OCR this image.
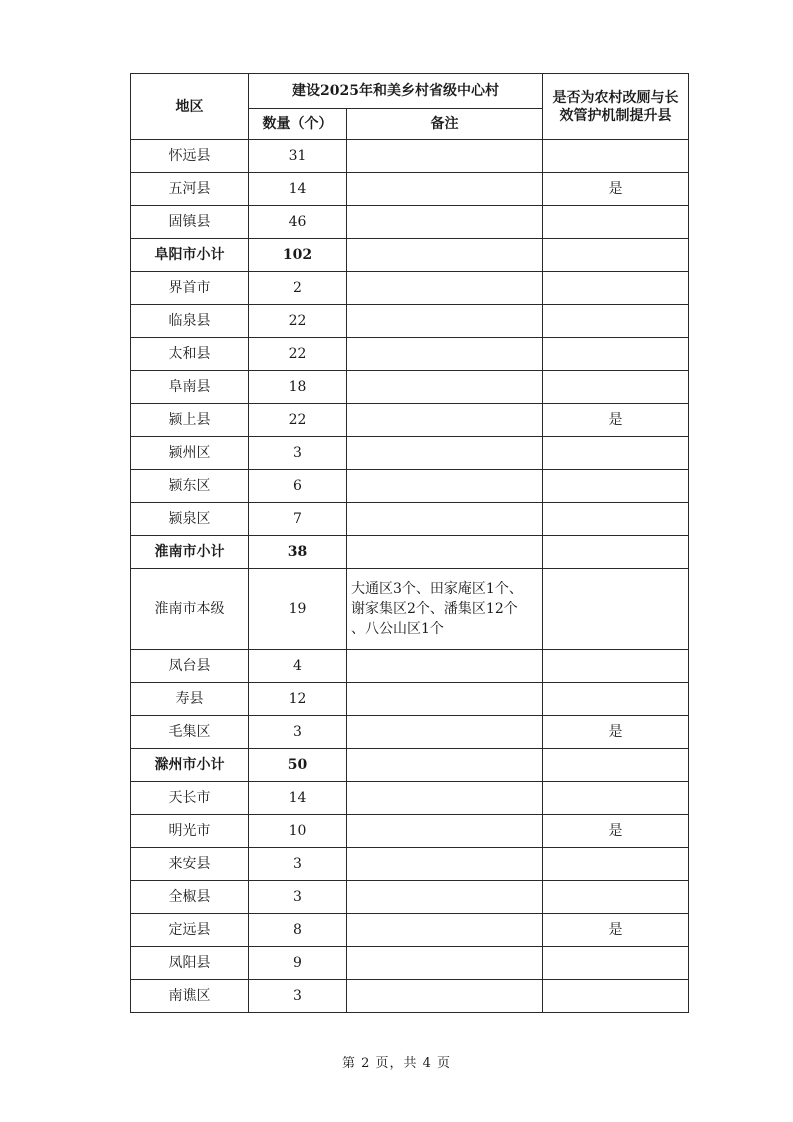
地区	建设2025年和美乡村省级中心村		是否为农村改厕与长
效管护机制提升县

	数量（个）	备注	
怀远县	31		
五河县	14		是
固镇县	46		
阜阳市小计	102		
界首市	2		
临泉县	22		
太和县	22		
阜南县	18		
颍上县	22		是
颍州区	3		
颍东区	6		
颍泉区	7		
淮南市小计	38		
淮南市本级	19	大通区3个、田家庵区1个、
谢家集区2个、潘集区12个
、八公山区1个	

凤台县	4		
寿县	12		
毛集区	3		是
滁州市小计	50		
天长市	14		
明光市	10		是
来安县	3		
全椒县	3		
定远县	8		是
凤阳县	9		
南谯区	3		
第 2 页，共 4 页
